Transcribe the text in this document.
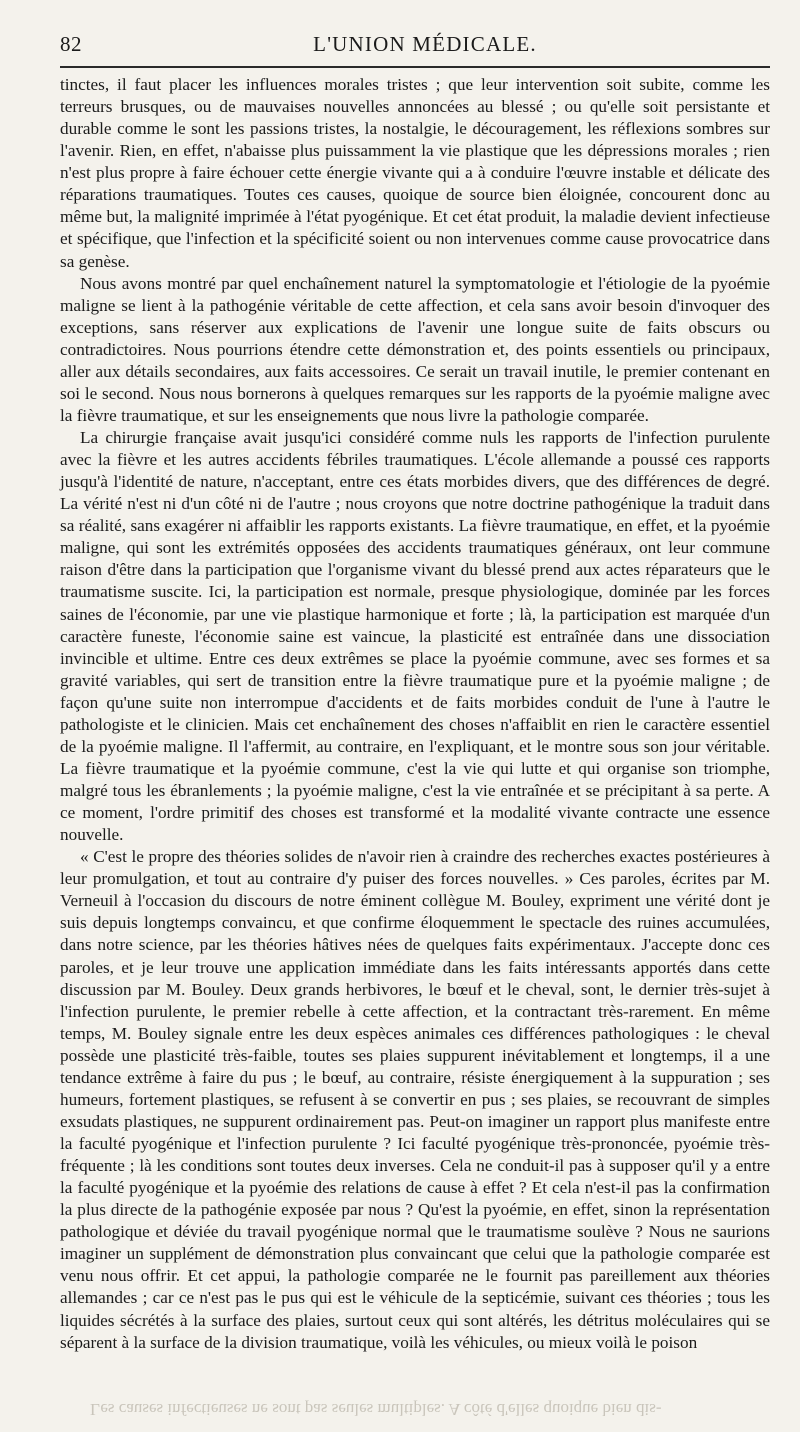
82	L'UNION MÉDICALE.

tinctes, il faut placer les influences morales tristes ; que leur intervention soit subite, comme les terreurs brusques, ou de mauvaises nouvelles annoncées au blessé ; ou qu'elle soit persistante et durable comme le sont les passions tristes, la nostalgie, le découragement, les réflexions sombres sur l'avenir. Rien, en effet, n'abaisse plus puissamment la vie plastique que les dépressions morales ; rien n'est plus propre à faire échouer cette énergie vivante qui a à conduire l'œuvre instable et délicate des réparations traumatiques. Toutes ces causes, quoique de source bien éloignée, concourent donc au même but, la malignité imprimée à l'état pyogénique. Et cet état produit, la maladie devient infectieuse et spécifique, que l'infection et la spécificité soient ou non intervenues comme cause provocatrice dans sa genèse.

Nous avons montré par quel enchaînement naturel la symptomatologie et l'étiologie de la pyoémie maligne se lient à la pathogénie véritable de cette affection, et cela sans avoir besoin d'invoquer des exceptions, sans réserver aux explications de l'avenir une longue suite de faits obscurs ou contradictoires. Nous pourrions étendre cette démonstration et, des points essentiels ou principaux, aller aux détails secondaires, aux faits accessoires. Ce serait un travail inutile, le premier contenant en soi le second. Nous nous bornerons à quelques remarques sur les rapports de la pyoémie maligne avec la fièvre traumatique, et sur les enseignements que nous livre la pathologie comparée.

La chirurgie française avait jusqu'ici considéré comme nuls les rapports de l'infection purulente avec la fièvre et les autres accidents fébriles traumatiques. L'école allemande a poussé ces rapports jusqu'à l'identité de nature, n'acceptant, entre ces états morbides divers, que des différences de degré. La vérité n'est ni d'un côté ni de l'autre ; nous croyons que notre doctrine pathogénique la traduit dans sa réalité, sans exagérer ni affaiblir les rapports existants. La fièvre traumatique, en effet, et la pyoémie maligne, qui sont les extrémités opposées des accidents traumatiques généraux, ont leur commune raison d'être dans la participation que l'organisme vivant du blessé prend aux actes réparateurs que le traumatisme suscite. Ici, la participation est normale, presque physiologique, dominée par les forces saines de l'économie, par une vie plastique harmonique et forte ; là, la participation est marquée d'un caractère funeste, l'économie saine est vaincue, la plasticité est entraînée dans une dissociation invincible et ultime. Entre ces deux extrêmes se place la pyoémie commune, avec ses formes et sa gravité variables, qui sert de transition entre la fièvre traumatique pure et la pyoémie maligne ; de façon qu'une suite non interrompue d'accidents et de faits morbides conduit de l'une à l'autre le pathologiste et le clinicien. Mais cet enchaînement des choses n'affaiblit en rien le caractère essentiel de la pyoémie maligne. Il l'affermit, au contraire, en l'expliquant, et le montre sous son jour véritable. La fièvre traumatique et la pyoémie commune, c'est la vie qui lutte et qui organise son triomphe, malgré tous les ébranlements ; la pyoémie maligne, c'est la vie entraînée et se précipitant à sa perte. A ce moment, l'ordre primitif des choses est transformé et la modalité vivante contracte une essence nouvelle.

« C'est le propre des théories solides de n'avoir rien à craindre des recherches exactes postérieures à leur promulgation, et tout au contraire d'y puiser des forces nouvelles. » Ces paroles, écrites par M. Verneuil à l'occasion du discours de notre éminent collègue M. Bouley, expriment une vérité dont je suis depuis longtemps convaincu, et que confirme éloquemment le spectacle des ruines accumulées, dans notre science, par les théories hâtives nées de quelques faits expérimentaux. J'accepte donc ces paroles, et je leur trouve une application immédiate dans les faits intéressants apportés dans cette discussion par M. Bouley. Deux grands herbivores, le bœuf et le cheval, sont, le dernier très-sujet à l'infection purulente, le premier rebelle à cette affection, et la contractant très-rarement. En même temps, M. Bouley signale entre les deux espèces animales ces différences pathologiques : le cheval possède une plasticité très-faible, toutes ses plaies suppurent inévitablement et longtemps, il a une tendance extrême à faire du pus ; le bœuf, au contraire, résiste énergiquement à la suppuration ; ses humeurs, fortement plastiques, se refusent à se convertir en pus ; ses plaies, se recouvrant de simples exsudats plastiques, ne suppurent ordinairement pas. Peut-on imaginer un rapport plus manifeste entre la faculté pyogénique et l'infection purulente ? Ici faculté pyogénique très-prononcée, pyoémie très-fréquente ; là les conditions sont toutes deux inverses. Cela ne conduit-il pas à supposer qu'il y a entre la faculté pyogénique et la pyoémie des relations de cause à effet ? Et cela n'est-il pas la confirmation la plus directe de la pathogénie exposée par nous ? Qu'est la pyoémie, en effet, sinon la représentation pathologique et déviée du travail pyogénique normal que le traumatisme soulève ? Nous ne saurions imaginer un supplément de démonstration plus convaincant que celui que la pathologie comparée est venu nous offrir. Et cet appui, la pathologie comparée ne le fournit pas pareillement aux théories allemandes ; car ce n'est pas le pus qui est le véhicule de la septicémie, suivant ces théories ; tous les liquides sécrétés à la surface des plaies, surtout ceux qui sont altérés, les détritus moléculaires qui se séparent à la surface de la division traumatique, voilà les véhicules, ou mieux voilà le poison

Les causes infectieuses ne sont pas seules multiples. A côté d'elles quoique bien dis-
